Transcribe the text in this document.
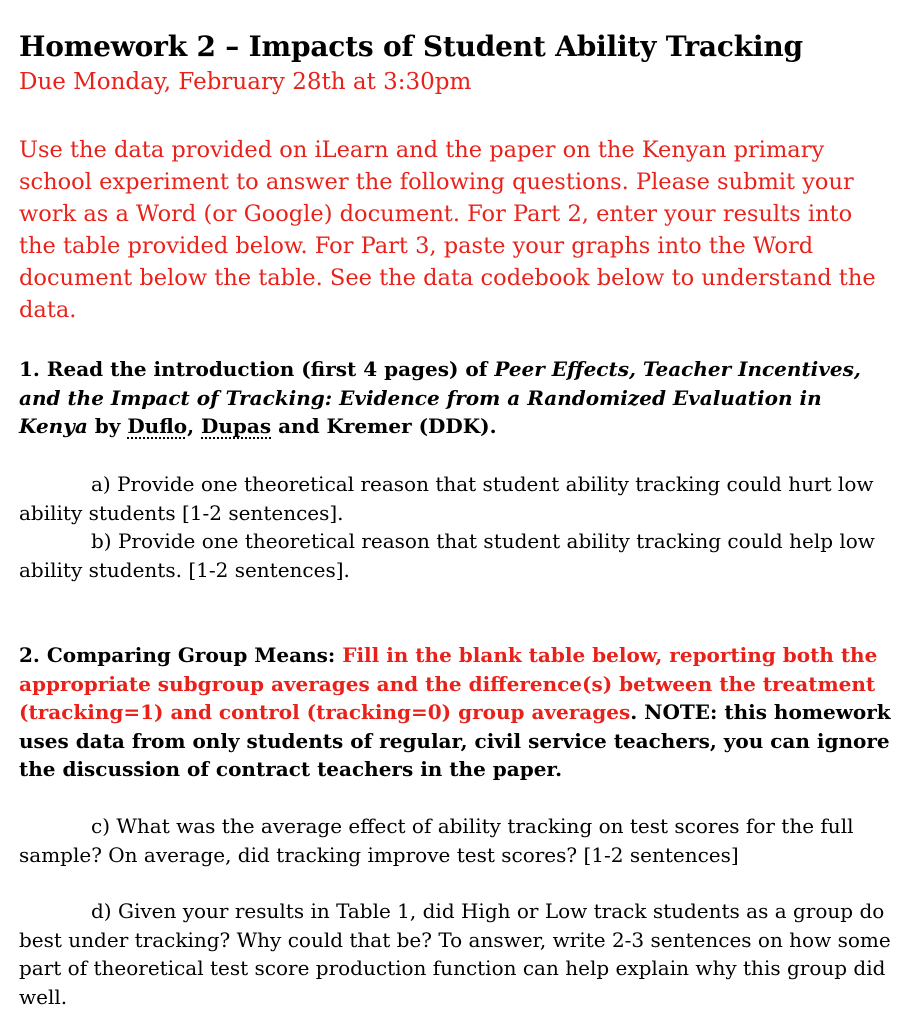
Homework 2 – Impacts of Student Ability Tracking
Due Monday, February 28th at 3:30pm
Use the data provided on iLearn and the paper on the Kenyan primary school experiment to answer the following questions. Please submit your work as a Word (or Google) document. For Part 2, enter your results into the table provided below. For Part 3, paste your graphs into the Word document below the table. See the data codebook below to understand the data.
1. Read the introduction (first 4 pages) of Peer Effects, Teacher Incentives, and the Impact of Tracking: Evidence from a Randomized Evaluation in Kenya by Duflo, Dupas and Kremer (DDK).
a) Provide one theoretical reason that student ability tracking could hurt low ability students [1-2 sentences].
b) Provide one theoretical reason that student ability tracking could help low ability students. [1-2 sentences].
2. Comparing Group Means: Fill in the blank table below, reporting both the appropriate subgroup averages and the difference(s) between the treatment (tracking=1) and control (tracking=0) group averages. NOTE: this homework uses data from only students of regular, civil service teachers, you can ignore the discussion of contract teachers in the paper.
c) What was the average effect of ability tracking on test scores for the full sample? On average, did tracking improve test scores? [1-2 sentences]
d) Given your results in Table 1, did High or Low track students as a group do best under tracking? Why could that be? To answer, write 2-3 sentences on how some part of theoretical test score production function can help explain why this group did well.
